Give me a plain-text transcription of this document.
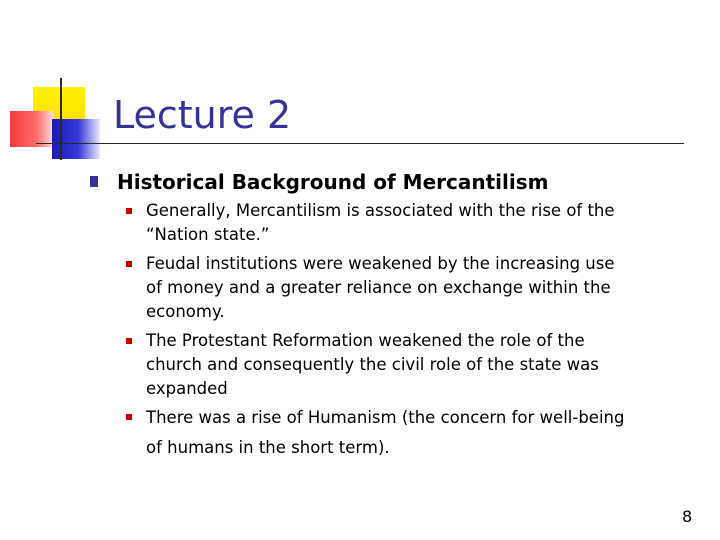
Lecture 2
Historical Background of Mercantilism
Generally, Mercantilism is associated with the rise of the “Nation state.”
Feudal institutions were weakened by the increasing use of money and a greater reliance on exchange within the economy.
The Protestant Reformation weakened the role of the church and consequently the civil role of the state was expanded
There was a rise of Humanism (the concern for well-being of humans in the short term).
8
